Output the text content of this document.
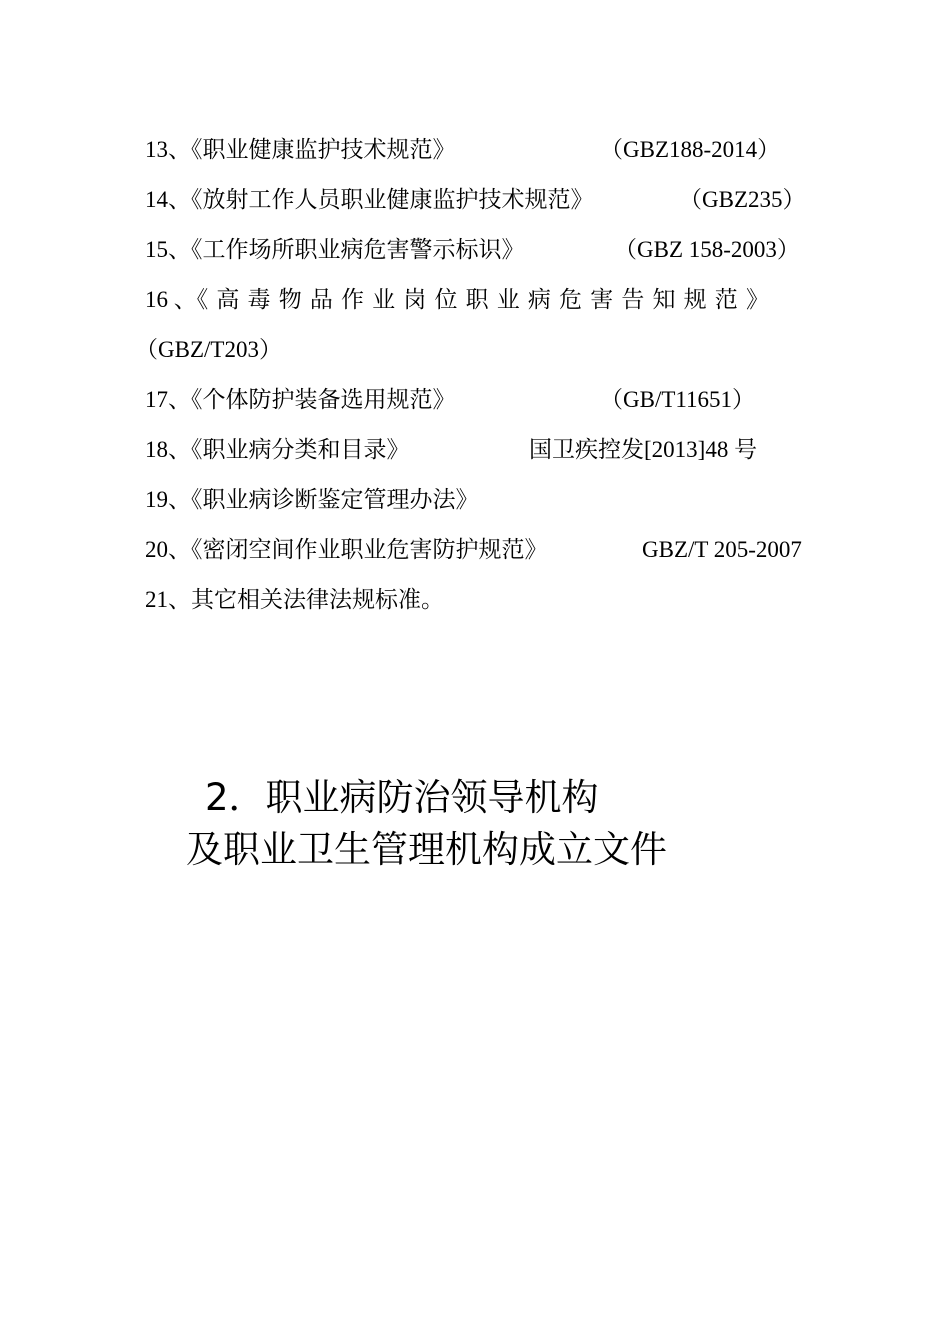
13、《职业健康监护技术规范》	（GBZ188-2014）
14、《放射工作人员职业健康监护技术规范》	（GBZ235）
15、《工作场所职业病危害警示标识》	（GBZ 158-2003）
16 、《 高 毒 物 品 作 业 岗 位 职 业 病 危 害 告 知 规 范 》
（GBZ/T203）
17、《个体防护装备选用规范》	（GB/T11651）
18、《职业病分类和目录》	国卫疾控发[2013]48 号
19、《职业病诊断鉴定管理办法》
20、《密闭空间作业职业危害防护规范》	GBZ/T 205-2007
21、其它相关法律法规标准。
2．职业病防治领导机构
及职业卫生管理机构成立文件
